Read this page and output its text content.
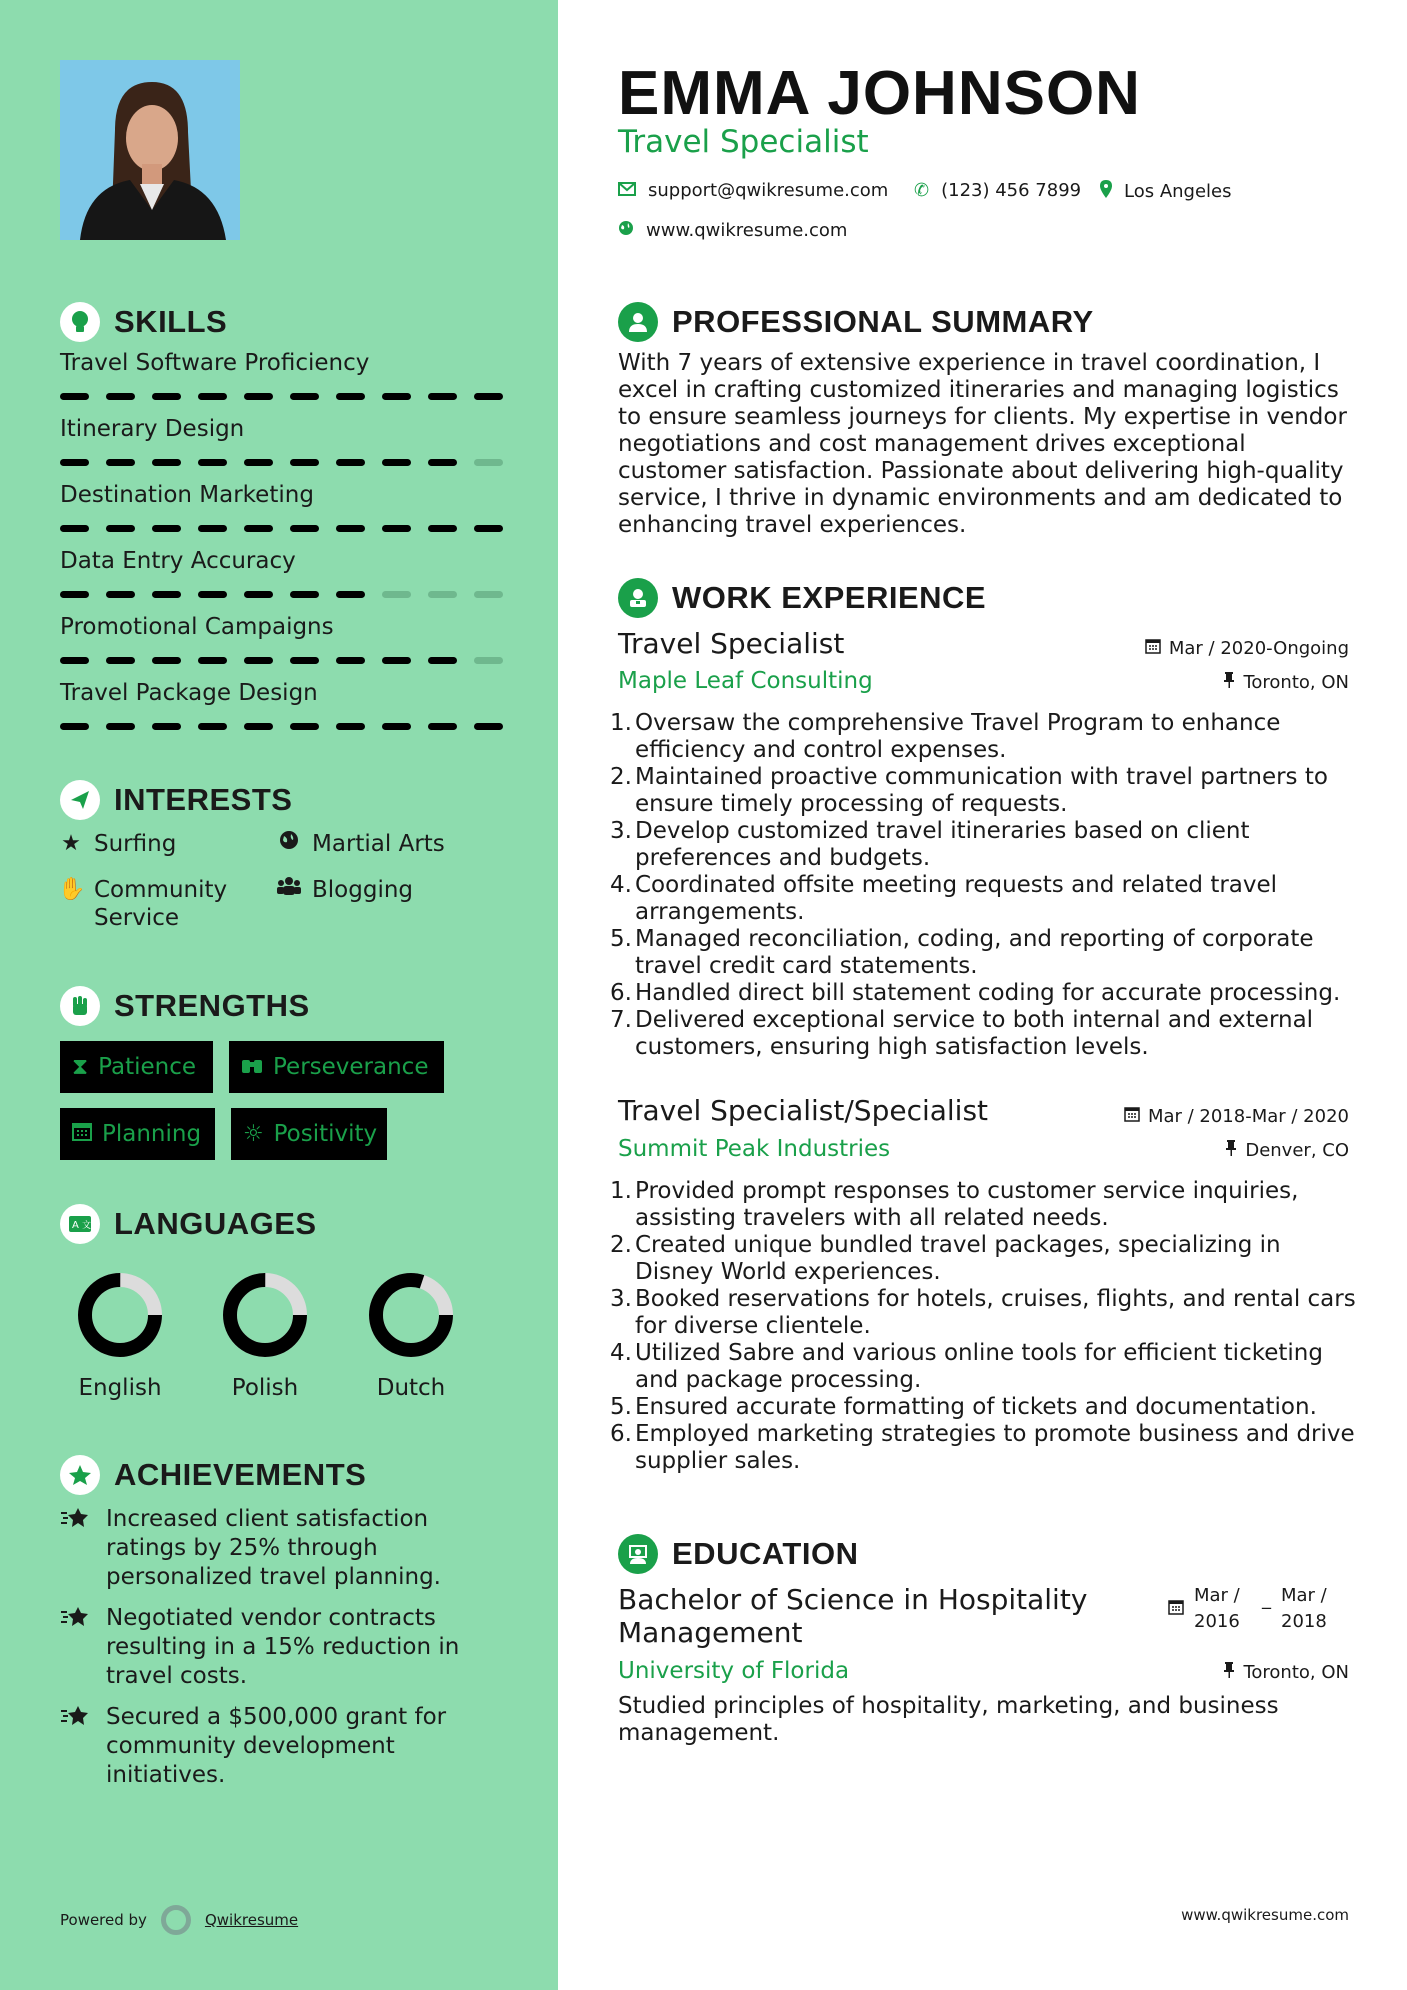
SKILLS
Travel Software Proficiency
Itinerary Design
Destination Marketing
Data Entry Accuracy
Promotional Campaigns
Travel Package Design
INTERESTS
★ Surfing	Martial Arts
✋ Community Service
Blogging
STRENGTHS
⧗ Patience	Perseverance
Planning ☼ Positivity
A 文 LANGUAGES
English	Polish	Dutch
ACHIEVEMENTS
Increased client satisfaction ratings by 25% through personalized travel planning.
Negotiated vendor contracts resulting in a 15% reduction in travel costs.
Secured a $500,000 grant for community development initiatives.
Powered by	Qwikresume
EMMA JOHNSON
Travel Specialist
support@qwikresume.com ✆ (123) 456 7899 Los Angeles
www.qwikresume.com
PROFESSIONAL SUMMARY
With 7 years of extensive experience in travel coordination, I excel in crafting customized itineraries and managing logistics to ensure seamless journeys for clients. My expertise in vendor negotiations and cost management drives exceptional customer satisfaction. Passionate about delivering high-quality service, I thrive in dynamic environments and am dedicated to enhancing travel experiences.
WORK EXPERIENCE
Travel Specialist	Mar / 2020-Ongoing
Maple Leaf Consulting	Toronto, ON
1. Oversaw the comprehensive Travel Program to enhance efficiency and control expenses.
2. Maintained proactive communication with travel partners to ensure timely processing of requests.
3. Develop customized travel itineraries based on client preferences and budgets.
4. Coordinated offsite meeting requests and related travel arrangements.
5. Managed reconciliation, coding, and reporting of corporate travel credit card statements.
6. Handled direct bill statement coding for accurate processing.
7. Delivered exceptional service to both internal and external customers, ensuring high satisfaction levels.
Travel Specialist/Specialist	Mar / 2018-Mar / 2020
Summit Peak Industries	Denver, CO
1. Provided prompt responses to customer service inquiries, assisting travelers with all related needs.
2. Created unique bundled travel packages, specializing in Disney World experiences.
3. Booked reservations for hotels, cruises, flights, and rental cars for diverse clientele.
4. Utilized Sabre and various online tools for efficient ticketing and package processing.
5. Ensured accurate formatting of tickets and documentation.
6. Employed marketing strategies to promote business and drive supplier sales.
EDUCATION
Bachelor of Science in Hospitality Management
Mar / 2016
_ Mar / 2018
University of Florida	Toronto, ON
Studied principles of hospitality, marketing, and business management.
www.qwikresume.com
